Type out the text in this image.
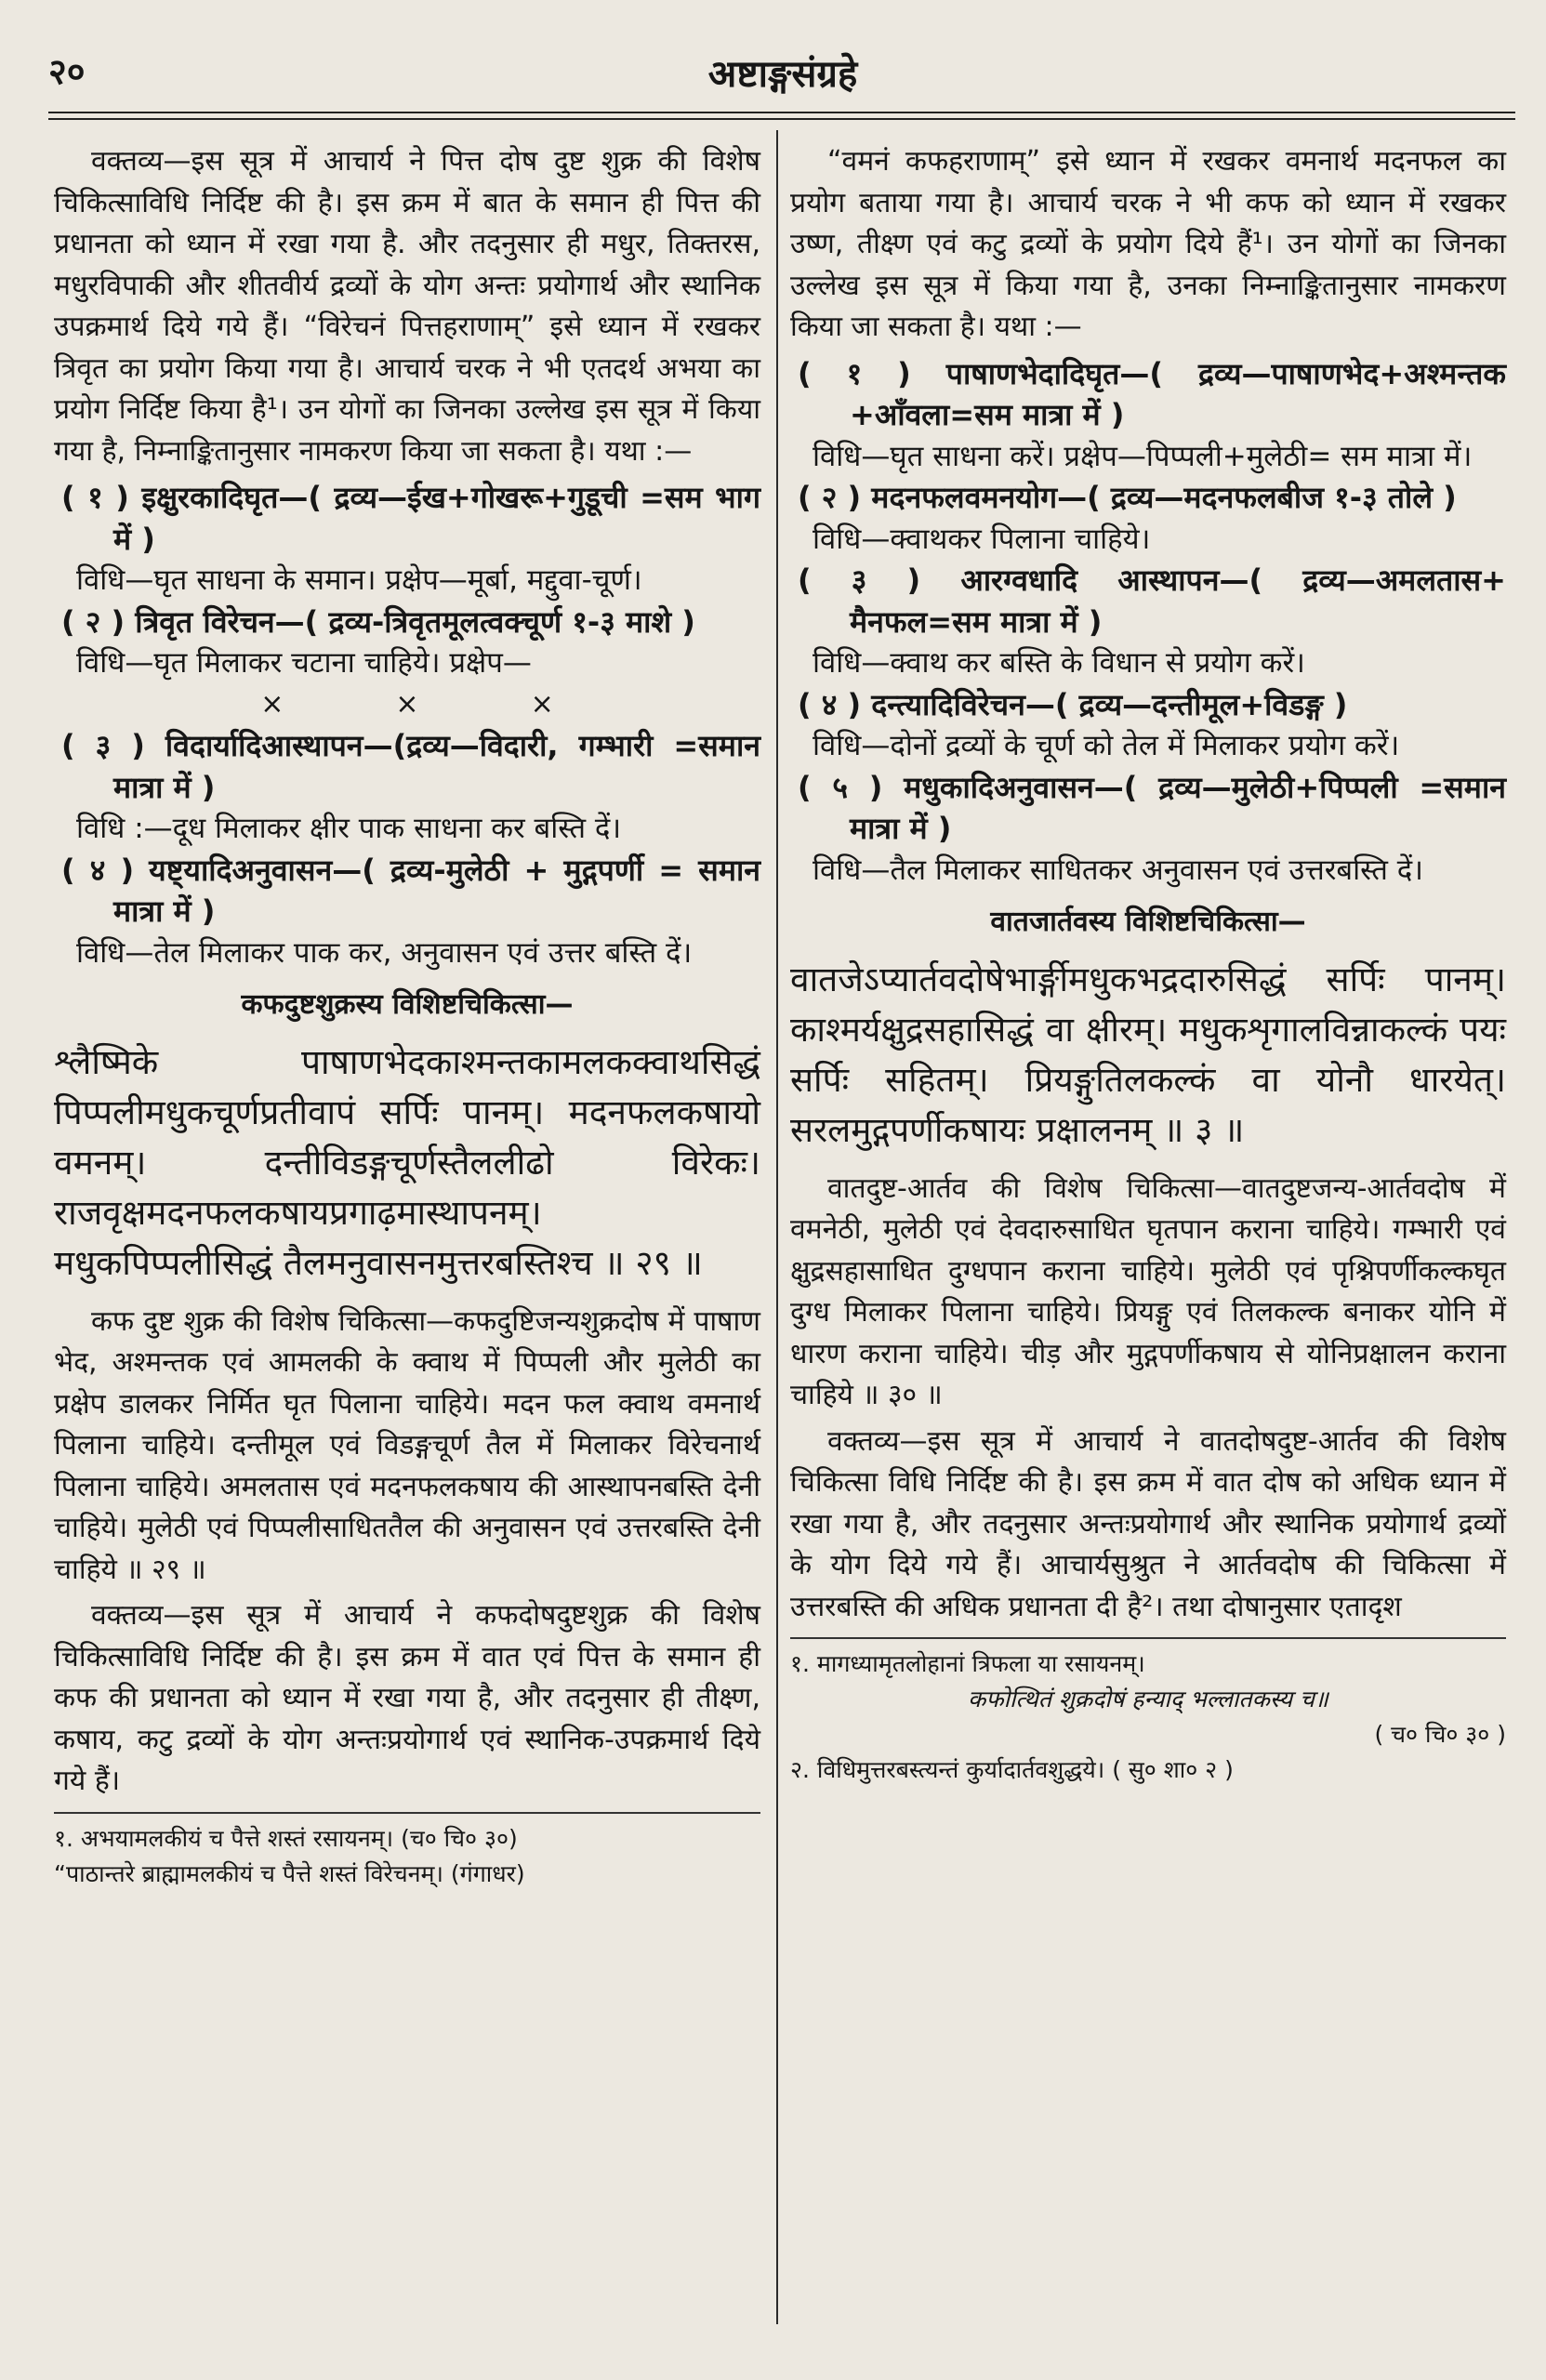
२०	अष्टाङ्गसंग्रहे

वक्तव्य—इस सूत्र में आचार्य ने पित्त दोष दुष्ट शुक्र की विशेष चिकित्साविधि निर्दिष्ट की है। इस क्रम में बात के समान ही पित्त की प्रधानता को ध्यान में रखा गया है. और तदनुसार ही मधुर, तिक्तरस, मधुरविपाकी और शीतवीर्य द्रव्यों के योग अन्तः प्रयोगार्थ और स्थानिक उपक्रमार्थ दिये गये हैं। “विरेचनं पित्तहराणाम्” इसे ध्यान में रखकर त्रिवृत का प्रयोग किया गया है। आचार्य चरक ने भी एतदर्थ अभया का प्रयोग निर्दिष्ट किया है¹। उन योगों का जिनका उल्लेख इस सूत्र में किया गया है, निम्नाङ्कितानुसार नामकरण किया जा सकता है। यथा :—

( १ ) इक्षुरकादिघृत—( द्रव्य—ईख+गोखरू+गुडूची =सम भाग में )

विधि—घृत साधना के समान। प्रक्षेप—मूर्बा, मद्दुवा-चूर्ण।

( २ ) त्रिवृत विरेचन—( द्रव्य-त्रिवृतमूलत्वक्चूर्ण १-३ माशे )

विधि—घृत मिलाकर चटाना चाहिये। प्रक्षेप—

×	×	×

( ३ ) विदार्यादिआस्थापन—(द्रव्य—विदारी, गम्भारी =समान मात्रा में )

विधि :—दूध मिलाकर क्षीर पाक साधना कर बस्ति दें।

( ४ ) यष्ट्यादिअनुवासन—( द्रव्य-मुलेठी + मुद्गपर्णी = समान मात्रा में )

विधि—तेल मिलाकर पाक कर, अनुवासन एवं उत्तर बस्ति दें।

कफदुष्टशुक्रस्य विशिष्टचिकित्सा—

श्लैष्मिके पाषाणभेदकाश्मन्तकामलकक्वाथसिद्धं पिप्पलीमधुकचूर्णप्रतीवापं सर्पिः पानम्। मदनफलकषायो वमनम्। दन्तीविडङ्गचूर्णस्तैललीढो विरेकः। राजवृक्षमदनफलकषायप्रगाढ़मास्थापनम्। मधुकपिप्पलीसिद्धं तैलमनुवासनमुत्तरबस्तिश्च ॥ २९ ॥

कफ दुष्ट शुक्र की विशेष चिकित्सा—कफदुष्टिजन्यशुक्रदोष में पाषाण भेद, अश्मन्तक एवं आमलकी के क्वाथ में पिप्पली और मुलेठी का प्रक्षेप डालकर निर्मित घृत पिलाना चाहिये। मदन फल क्वाथ वमनार्थ पिलाना चाहिये। दन्तीमूल एवं विडङ्गचूर्ण तैल में मिलाकर विरेचनार्थ पिलाना चाहिये। अमलतास एवं मदनफलकषाय की आस्थापनबस्ति देनी चाहिये। मुलेठी एवं पिप्पलीसाधिततैल की अनुवासन एवं उत्तरबस्ति देनी चाहिये ॥ २९ ॥

वक्तव्य—इस सूत्र में आचार्य ने कफदोषदुष्टशुक्र की विशेष चिकित्साविधि निर्दिष्ट की है। इस क्रम में वात एवं पित्त के समान ही कफ की प्रधानता को ध्यान में रखा गया है, और तदनुसार ही तीक्ष्ण, कषाय, कटु द्रव्यों के योग अन्तःप्रयोगार्थ एवं स्थानिक-उपक्रमार्थ दिये गये हैं।

१. अभयामलकीयं च पैत्ते शस्तं रसायनम्। (च० चि० ३०)

“पाठान्तरे ब्राह्मामलकीयं च पैत्ते शस्तं विरेचनम्। (गंगाधर)

“वमनं कफहराणाम्” इसे ध्यान में रखकर वमनार्थ मदनफल का प्रयोग बताया गया है। आचार्य चरक ने भी कफ को ध्यान में रखकर उष्ण, तीक्ष्ण एवं कटु द्रव्यों के प्रयोग दिये हैं¹। उन योगों का जिनका उल्लेख इस सूत्र में किया गया है, उनका निम्नाङ्कितानुसार नामकरण किया जा सकता है। यथा :—

( १ ) पाषाणभेदादिघृत—( द्रव्य—पाषाणभेद+अश्मन्तक +आँवला=सम मात्रा में )

विधि—घृत साधना करें। प्रक्षेप—पिप्पली+मुलेठी= सम मात्रा में।

( २ ) मदनफलवमनयोग—( द्रव्य—मदनफलबीज १-३ तोले )

विधि—क्वाथकर पिलाना चाहिये।

( ३ ) आरग्वधादि आस्थापन—( द्रव्य—अमलतास+ मैनफल=सम मात्रा में )

विधि—क्वाथ कर बस्ति के विधान से प्रयोग करें।

( ४ ) दन्त्यादिविरेचन—( द्रव्य—दन्तीमूल+विडङ्ग )

विधि—दोनों द्रव्यों के चूर्ण को तेल में मिलाकर प्रयोग करें।

( ५ ) मधुकादिअनुवासन—( द्रव्य—मुलेठी+पिप्पली =समान मात्रा में )

विधि—तैल मिलाकर साधितकर अनुवासन एवं उत्तरबस्ति दें।

वातजार्तवस्य विशिष्टचिकित्सा—

वातजेऽप्यार्तवदोषेभार्ङ्गीमधुकभद्रदारुसिद्धं सर्पिः पानम्। काश्मर्यक्षुद्रसहासिद्धं वा क्षीरम्। मधुकशृगालविन्नाकल्कं पयः सर्पिः सहितम्। प्रियङ्गुतिलकल्कं वा योनौ धारयेत्। सरलमुद्गपर्णीकषायः प्रक्षालनम् ॥ ३ ॥

वातदुष्ट-आर्तव की विशेष चिकित्सा—वातदुष्टजन्य-आर्तवदोष में वमनेठी, मुलेठी एवं देवदारुसाधित घृतपान कराना चाहिये। गम्भारी एवं क्षुद्रसहासाधित दुग्धपान कराना चाहिये। मुलेठी एवं पृश्निपर्णीकल्कघृत दुग्ध मिलाकर पिलाना चाहिये। प्रियङ्गु एवं तिलकल्क बनाकर योनि में धारण कराना चाहिये। चीड़ और मुद्गपर्णीकषाय से योनिप्रक्षालन कराना चाहिये ॥ ३० ॥

वक्तव्य—इस सूत्र में आचार्य ने वातदोषदुष्ट-आर्तव की विशेष चिकित्सा विधि निर्दिष्ट की है। इस क्रम में वात दोष को अधिक ध्यान में रखा गया है, और तदनुसार अन्तःप्रयोगार्थ और स्थानिक प्रयोगार्थ द्रव्यों के योग दिये गये हैं। आचार्यसुश्रुत ने आर्तवदोष की चिकित्सा में उत्तरबस्ति की अधिक प्रधानता दी है²। तथा दोषानुसार एतादृश

१. मागध्यामृतलोहानां त्रिफला या रसायनम्।

कफोत्थितं शुक्रदोषं हन्याद् भल्लातकस्य च॥

( च० चि० ३० )

२. विधिमुत्तरबस्त्यन्तं कुर्यादार्तवशुद्धये। ( सु० शा० २ )
